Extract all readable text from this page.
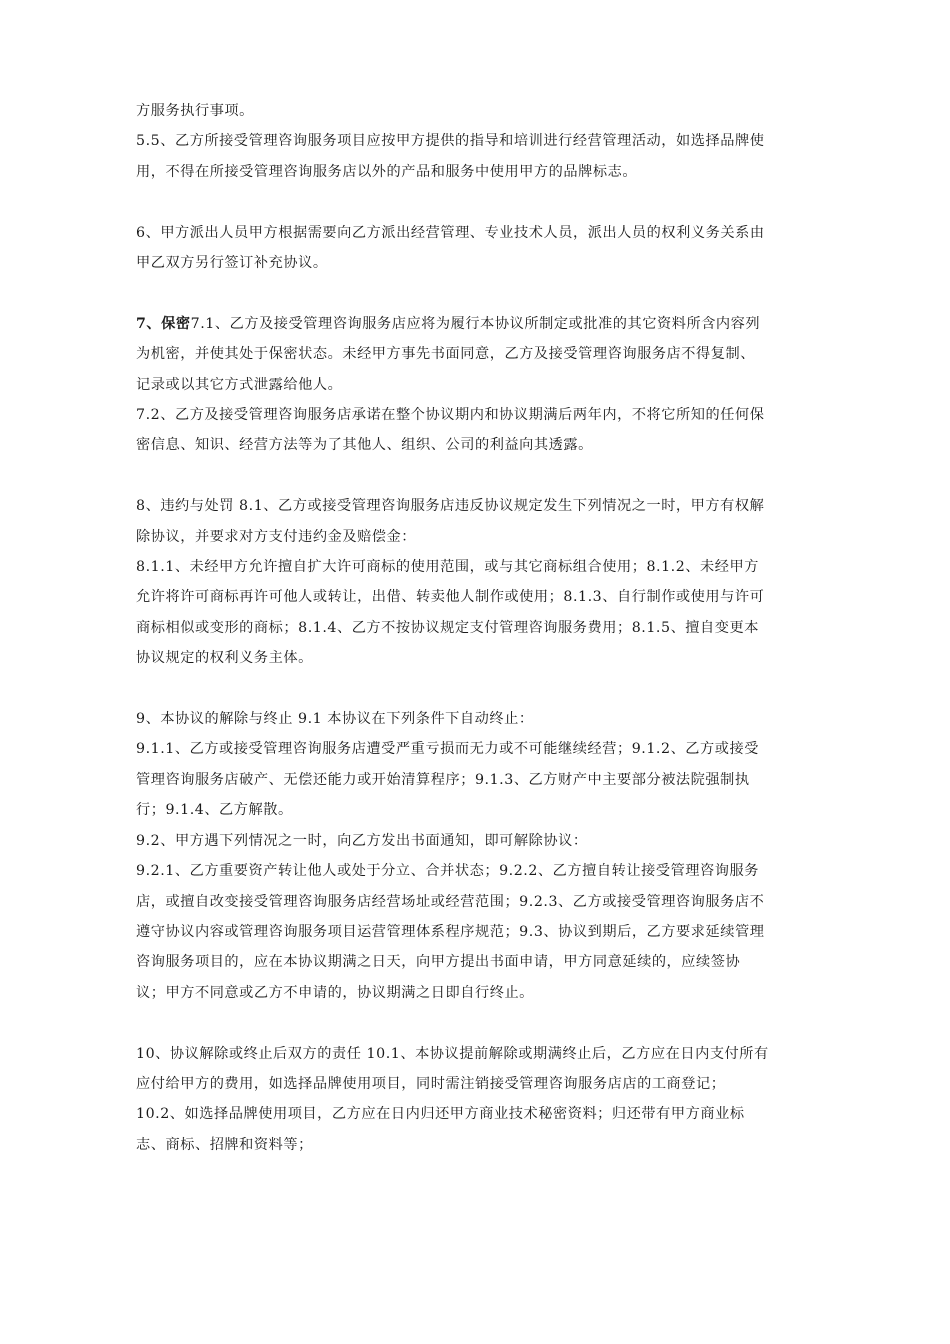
方服务执行事项。

5.5、乙方所接受管理咨询服务项目应按甲方提供的指导和培训进行经营管理活动，如选择品牌使

用，不得在所接受管理咨询服务店以外的产品和服务中使用甲方的品牌标志。

6、甲方派出人员甲方根据需要向乙方派出经营管理、专业技术人员，派出人员的权利义务关系由

甲乙双方另行签订补充协议。

7、保密7.1、乙方及接受管理咨询服务店应将为履行本协议所制定或批准的其它资料所含内容列

为机密，并使其处于保密状态。未经甲方事先书面同意，乙方及接受管理咨询服务店不得复制、

记录或以其它方式泄露给他人。

7.2、乙方及接受管理咨询服务店承诺在整个协议期内和协议期满后两年内，不将它所知的任何保

密信息、知识、经营方法等为了其他人、组织、公司的利益向其透露。

8、违约与处罚 8.1、乙方或接受管理咨询服务店违反协议规定发生下列情况之一时，甲方有权解

除协议，并要求对方支付违约金及赔偿金：

8.1.1、未经甲方允许擅自扩大许可商标的使用范围，或与其它商标组合使用；8.1.2、未经甲方

允许将许可商标再许可他人或转让，出借、转卖他人制作或使用；8.1.3、自行制作或使用与许可

商标相似或变形的商标；8.1.4、乙方不按协议规定支付管理咨询服务费用；8.1.5、擅自变更本

协议规定的权利义务主体。

9、本协议的解除与终止 9.1 本协议在下列条件下自动终止：

9.1.1、乙方或接受管理咨询服务店遭受严重亏损而无力或不可能继续经营；9.1.2、乙方或接受

管理咨询服务店破产、无偿还能力或开始清算程序；9.1.3、乙方财产中主要部分被法院强制执

行；9.1.4、乙方解散。

9.2、甲方遇下列情况之一时，向乙方发出书面通知，即可解除协议：

9.2.1、乙方重要资产转让他人或处于分立、合并状态；9.2.2、乙方擅自转让接受管理咨询服务

店，或擅自改变接受管理咨询服务店经营场址或经营范围；9.2.3、乙方或接受管理咨询服务店不

遵守协议内容或管理咨询服务项目运营管理体系程序规范；9.3、协议到期后，乙方要求延续管理

咨询服务项目的，应在本协议期满之日天，向甲方提出书面申请，甲方同意延续的，应续签协

议；甲方不同意或乙方不申请的，协议期满之日即自行终止。

10、协议解除或终止后双方的责任 10.1、本协议提前解除或期满终止后，乙方应在日内支付所有

应付给甲方的费用，如选择品牌使用项目，同时需注销接受管理咨询服务店店的工商登记；

10.2、如选择品牌使用项目，乙方应在日内归还甲方商业技术秘密资料；归还带有甲方商业标

志、商标、招牌和资料等；
